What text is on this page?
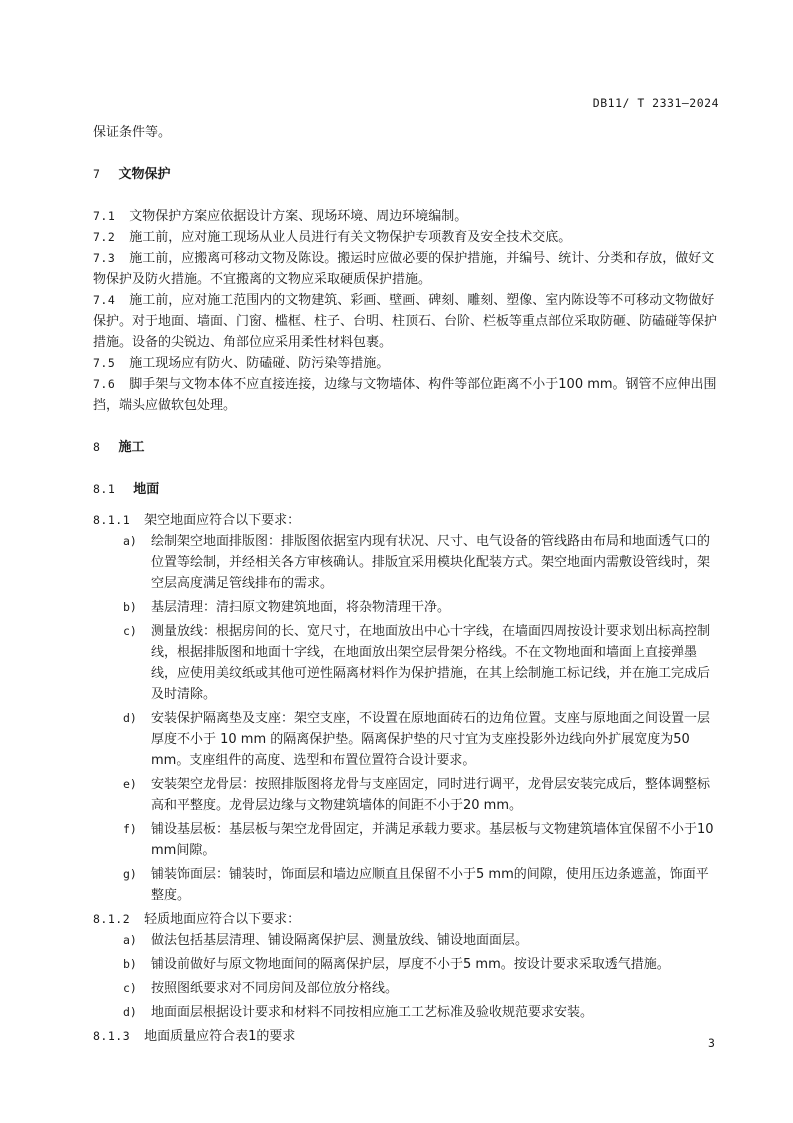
DB11/ T 2331—2024

保证条件等。

7 文物保护

7.1 文物保护方案应依据设计方案、现场环境、周边环境编制。

7.2 施工前，应对施工现场从业人员进行有关文物保护专项教育及安全技术交底。

7.3 施工前，应搬离可移动文物及陈设。搬运时应做必要的保护措施，并编号、统计、分类和存放，做好文物保护及防火措施。不宜搬离的文物应采取硬质保护措施。

7.4 施工前，应对施工范围内的文物建筑、彩画、壁画、碑刻、雕刻、塑像、室内陈设等不可移动文物做好保护。对于地面、墙面、门窗、槛框、柱子、台明、柱顶石、台阶、栏板等重点部位采取防砸、防磕碰等保护措施。设备的尖锐边、角部位应采用柔性材料包裹。

7.5 施工现场应有防火、防磕碰、防污染等措施。

7.6 脚手架与文物本体不应直接连接，边缘与文物墙体、构件等部位距离不小于100 mm。钢管不应伸出围挡，端头应做软包处理。

8 施工

8.1 地面

8.1.1 架空地面应符合以下要求：

a) 绘制架空地面排版图：排版图依据室内现有状况、尺寸、电气设备的管线路由布局和地面透气口的位置等绘制，并经相关各方审核确认。排版宜采用模块化配装方式。架空地面内需敷设管线时，架空层高度满足管线排布的需求。
b) 基层清理：清扫原文物建筑地面，将杂物清理干净。
c) 测量放线：根据房间的长、宽尺寸，在地面放出中心十字线，在墙面四周按设计要求划出标高控制线，根据排版图和地面十字线，在地面放出架空层骨架分格线。不在文物地面和墙面上直接弹墨线，应使用美纹纸或其他可逆性隔离材料作为保护措施，在其上绘制施工标记线，并在施工完成后及时清除。
d) 安装保护隔离垫及支座：架空支座，不设置在原地面砖石的边角位置。支座与原地面之间设置一层厚度不小于 10 mm 的隔离保护垫。隔离保护垫的尺寸宜为支座投影外边线向外扩展宽度为50 mm。支座组件的高度、选型和布置位置符合设计要求。
e) 安装架空龙骨层：按照排版图将龙骨与支座固定，同时进行调平，龙骨层安装完成后，整体调整标高和平整度。龙骨层边缘与文物建筑墙体的间距不小于20 mm。
f) 铺设基层板：基层板与架空龙骨固定，并满足承载力要求。基层板与文物建筑墙体宜保留不小于10 mm间隙。
g) 铺装饰面层：铺装时，饰面层和墙边应顺直且保留不小于5 mm的间隙，使用压边条遮盖，饰面平整度。

8.1.2 轻质地面应符合以下要求：

a) 做法包括基层清理、铺设隔离保护层、测量放线、铺设地面面层。
b) 铺设前做好与原文物地面间的隔离保护层，厚度不小于5 mm。按设计要求采取透气措施。
c) 按照图纸要求对不同房间及部位放分格线。
d) 地面面层根据设计要求和材料不同按相应施工工艺标准及验收规范要求安装。

8.1.3 地面质量应符合表1的要求	3
